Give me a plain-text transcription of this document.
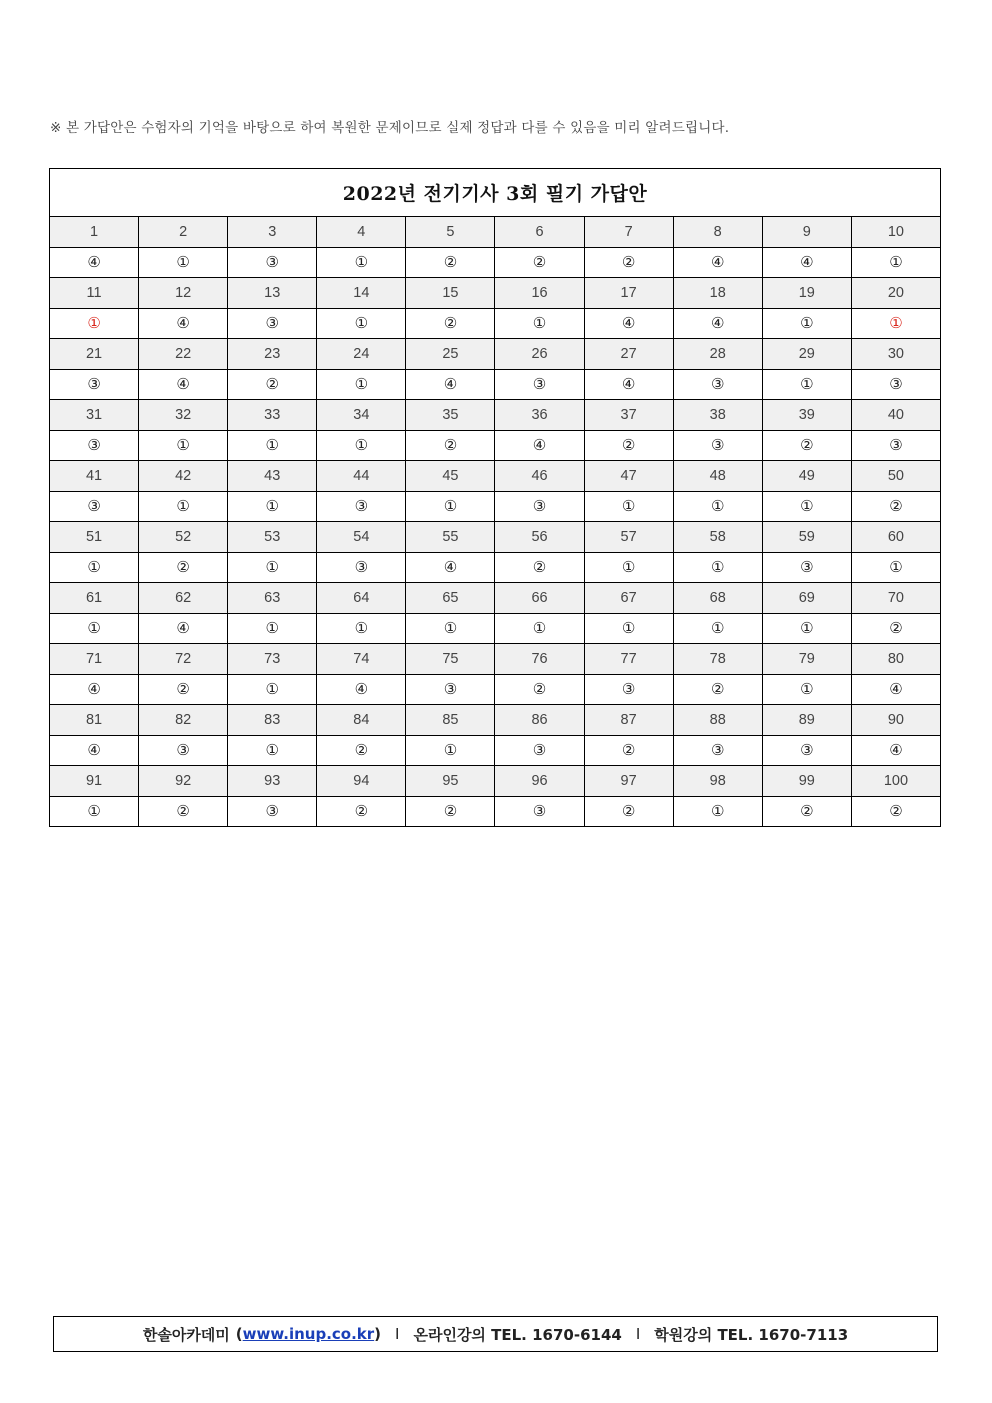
※ 본 가답안은 수험자의 기억을 바탕으로 하여 복원한 문제이므로 실제 정답과 다를 수 있음을 미리 알려드립니다.
2022년 전기기사 3회 필기 가답안									
1	2	3	4	5	6	7	8	9	10
④	①	③	①	②	②	②	④	④	①
11	12	13	14	15	16	17	18	19	20
①	④	③	①	②	①	④	④	①	①
21	22	23	24	25	26	27	28	29	30
③	④	②	①	④	③	④	③	①	③
31	32	33	34	35	36	37	38	39	40
③	①	①	①	②	④	②	③	②	③
41	42	43	44	45	46	47	48	49	50
③	①	①	③	①	③	①	①	①	②
51	52	53	54	55	56	57	58	59	60
①	②	①	③	④	②	①	①	③	①
61	62	63	64	65	66	67	68	69	70
①	④	①	①	①	①	①	①	①	②
71	72	73	74	75	76	77	78	79	80
④	②	①	④	③	②	③	②	①	④
81	82	83	84	85	86	87	88	89	90
④	③	①	②	①	③	②	③	③	④
91	92	93	94	95	96	97	98	99	100
①	②	③	②	②	③	②	①	②	②
한솔아카데미 ( www.inup.co.kr ) I 온라인강의 TEL. 1670-6144 I 학원강의 TEL. 1670-7113
